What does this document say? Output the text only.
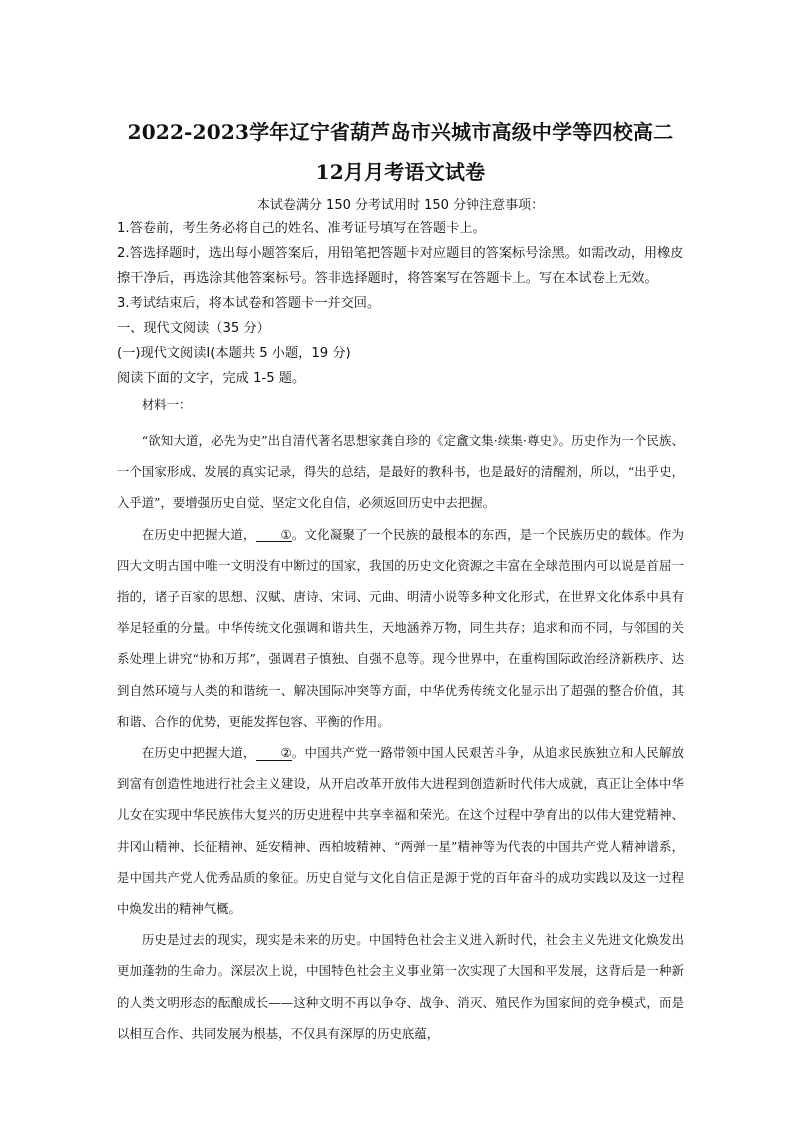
2022-2023学年辽宁省葫芦岛市兴城市高级中学等四校高二
12月月考语文试卷

本试卷满分 150 分考试用时 150 分钟注意事项：

1.答卷前，考生务必将自己的姓名、准考证号填写在答题卡上。
2.答选择题时，选出每小题答案后，用铅笔把答题卡对应题目的答案标号涂黑。如需改动，用橡皮擦干净后，再选涂其他答案标号。答非选择题时，将答案写在答题卡上。写在本试卷上无效。
3.考试结束后，将本试卷和答题卡一并交回。

一、现代文阅读（35 分）

(一)现代文阅读Ⅰ(本题共 5 小题，19 分)

阅读下面的文字，完成 1-5 题。

材料一：

“欲知大道，必先为史”出自清代著名思想家龚自珍的《定盦文集·续集·尊史》。历史作为一个民族、一个国家形成、发展的真实记录，得失的总结，是最好的教科书，也是最好的清醒剂，所以，“出乎史，入乎道”，要增强历史自觉、坚定文化自信，必须返回历史中去把握。

在历史中把握大道， ①。文化凝聚了一个民族的最根本的东西，是一个民族历史的载体。作为四大文明古国中唯一文明没有中断过的国家，我国的历史文化资源之丰富在全球范围内可以说是首屈一指的，诸子百家的思想、汉赋、唐诗、宋词、元曲、明清小说等多种文化形式，在世界文化体系中具有举足轻重的分量。中华传统文化强调和谐共生，天地涵养万物，同生共存；追求和而不同，与邻国的关系处理上讲究“协和万邦”，强调君子慎独、自强不息等。现今世界中，在重构国际政治经济新秩序、达到自然环境与人类的和谐统一、解决国际冲突等方面，中华优秀传统文化显示出了超强的整合价值，其和谐、合作的优势，更能发挥包容、平衡的作用。

在历史中把握大道， ②。中国共产党一路带领中国人民艰苦斗争，从追求民族独立和人民解放到富有创造性地进行社会主义建设，从开启改革开放伟大进程到创造新时代伟大成就，真正让全体中华儿女在实现中华民族伟大复兴的历史进程中共享幸福和荣光。在这个过程中孕育出的以伟大建党精神、井冈山精神、长征精神、延安精神、西柏坡精神、“两弹一星”精神等为代表的中国共产党人精神谱系，是中国共产党人优秀品质的象征。历史自觉与文化自信正是源于党的百年奋斗的成功实践以及这一过程中焕发出的精神气概。

历史是过去的现实，现实是未来的历史。中国特色社会主义进入新时代，社会主义先进文化焕发出更加蓬勃的生命力。深层次上说，中国特色社会主义事业第一次实现了大国和平发展，这背后是一种新的人类文明形态的酝酿成长——这种文明不再以争夺、战争、消灭、殖民作为国家间的竞争模式，而是以相互合作、共同发展为根基，不仅具有深厚的历史底蕴，
